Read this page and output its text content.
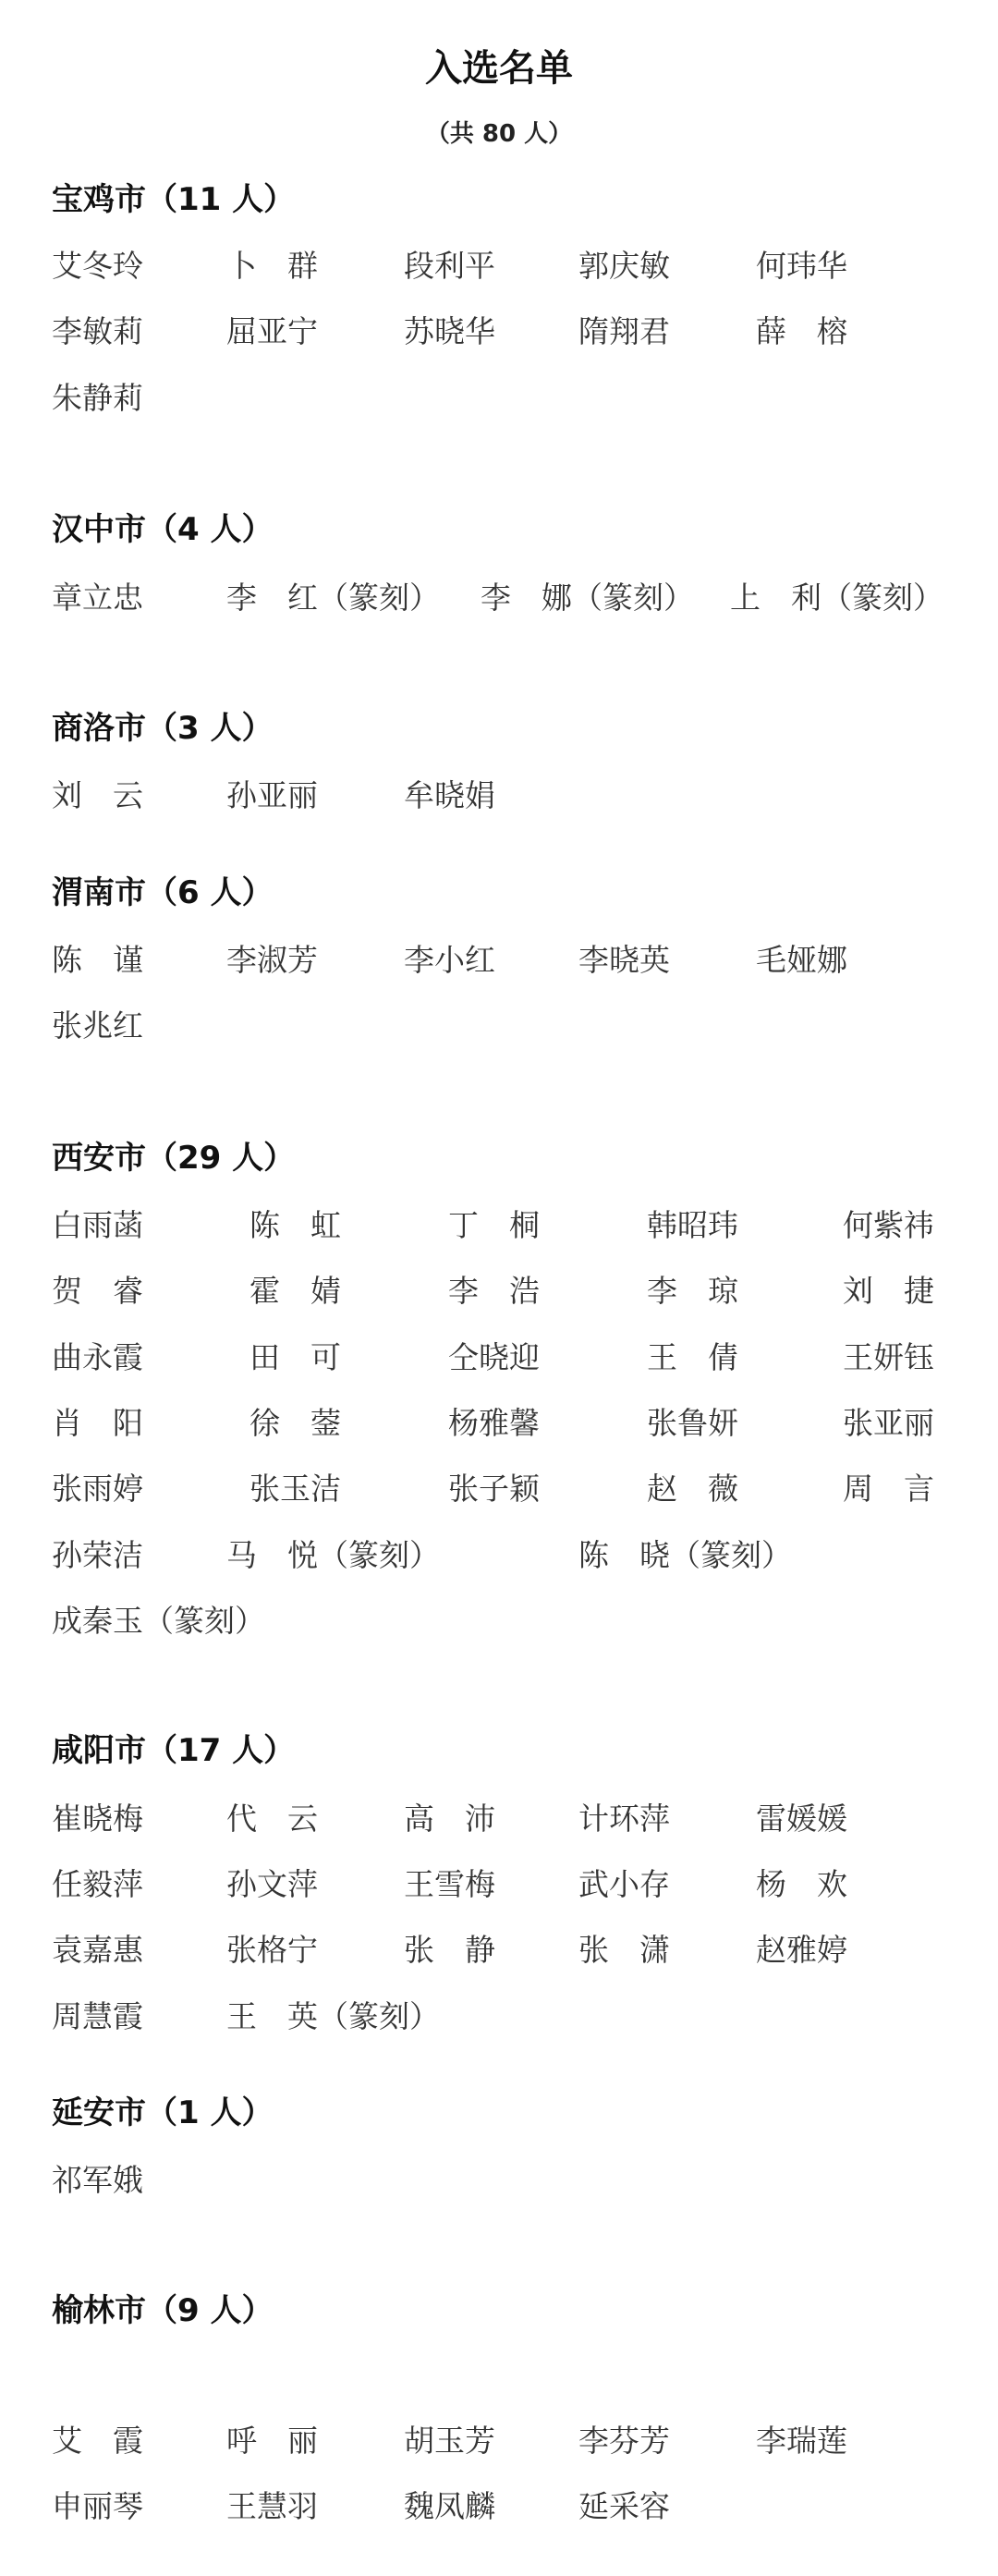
入选名单
（共 80 人）
宝鸡市（11 人）
艾冬玲	卜　群	段利平	郭庆敏	何玮华
李敏莉	屈亚宁	苏晓华	隋翔君	薛　榕
朱静莉
汉中市（4 人）
章立忠	李　红（篆刻） 李　娜（篆刻） 上　利（篆刻）
商洛市（3 人）
刘　云	孙亚丽	牟晓娟
渭南市（6 人）
陈　谨	李淑芳	李小红	李晓英	毛娅娜
张兆红
西安市（29 人）
白雨菡	陈　虹	丁　桐	韩昭玮	何紫祎
贺　睿	霍　婧	李　浩	李　琼	刘　捷
曲永霞	田　可	仝晓迎	王　倩	王妍钰
肖　阳	徐　蓥	杨雅馨	张鲁妍	张亚丽
张雨婷	张玉洁	张子颖	赵　薇	周　言
孙荣洁	马　悦（篆刻）	陈　晓（篆刻）
成秦玉（篆刻）
咸阳市（17 人）
崔晓梅	代　云	高　沛	计环萍	雷媛媛
任毅萍	孙文萍	王雪梅	武小存	杨　欢
袁嘉惠	张格宁	张　静	张　潇	赵雅婷
周慧霞	王　英（篆刻）
延安市（1 人）
祁军娥
榆林市（9 人）
艾　霞	呼　丽	胡玉芳	李芬芳	李瑞莲
申丽琴	王慧羽	魏凤麟	延采容
